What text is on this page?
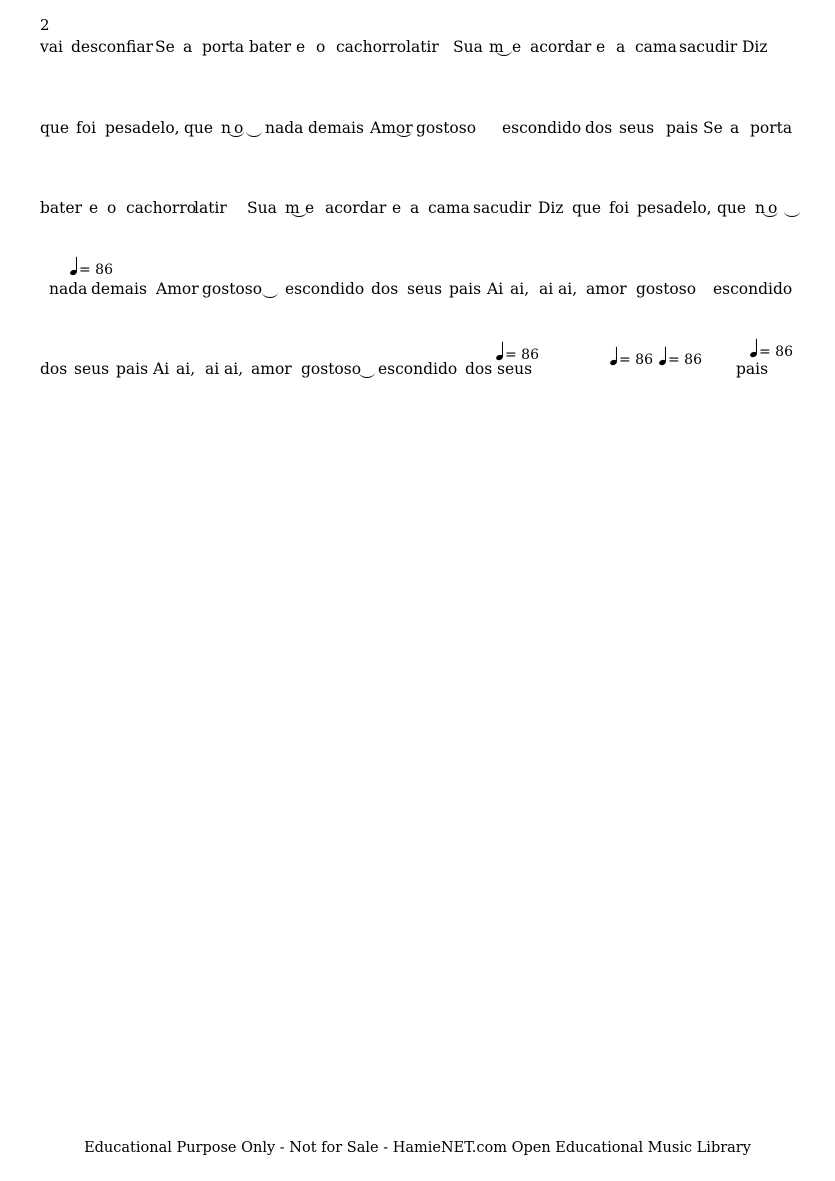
2
vai desconfiar Se a porta bater e o cachorro latir Sua m e acordar e a cama sacudir Diz
que foi pesadelo, que n o nada demais Amor gostoso escondido dos seus pais Se a porta
bater e o cachorro
latir Sua m e acordar e a cama sacudir Diz que foi pesadelo, que n o
nada demais Amor gostoso escondido dos seus pais Ai ai, ai ai, amor gostoso escondido
dos seus pais Ai ai, ai ai, amor gostoso escondido dos seus	pais
= 86
= 86	= 86	= 86	= 86
Educational Purpose Only - Not for Sale - HamieNET.com Open Educational Music Library
